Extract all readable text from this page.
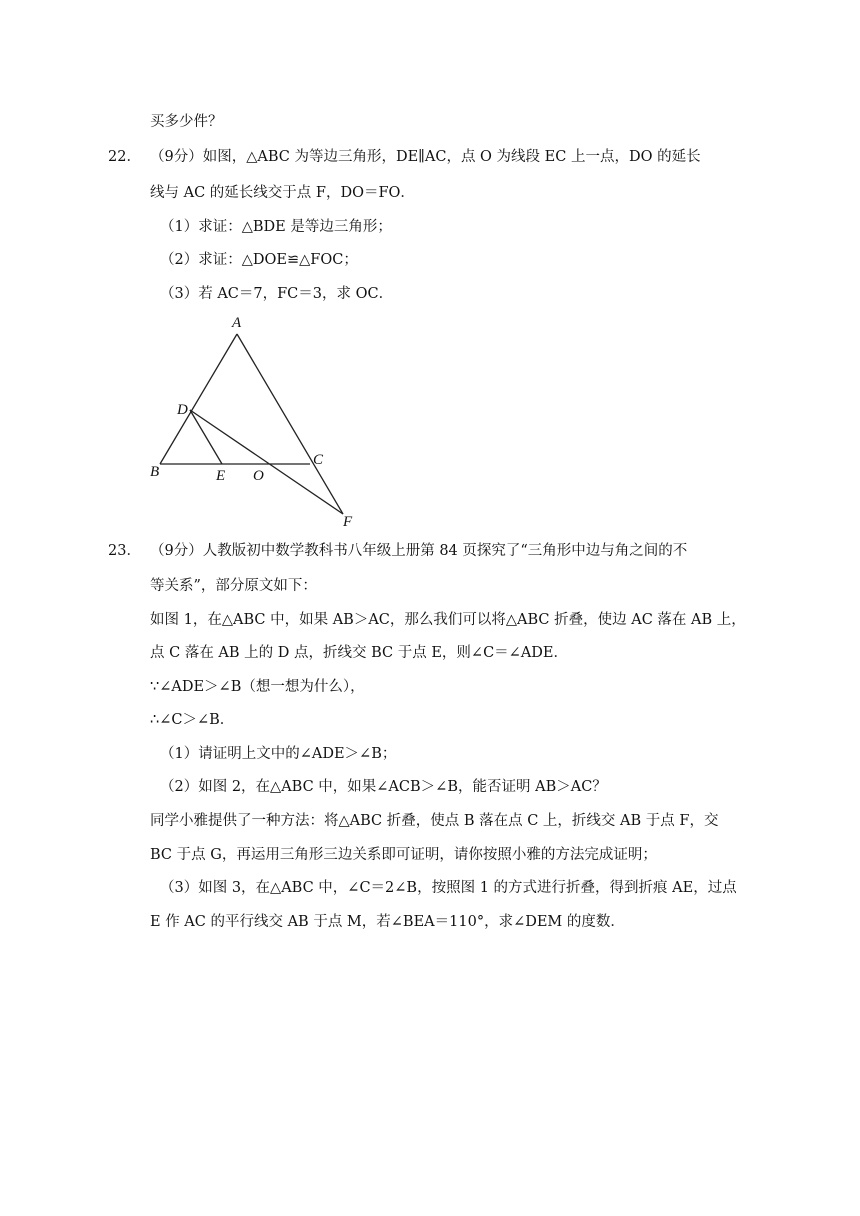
买多少件？
22． （9分）如图，△ABC 为等边三角形，DE∥AC，点 O 为线段 EC 上一点，DO 的延长
线与 AC 的延长线交于点 F，DO＝FO．
（1）求证：△BDE 是等边三角形；
（2）求证：△DOE≌△FOC；
（3）若 AC＝7，FC＝3，求 OC．
A
D
B	E O
C
F
23． （9分）人教版初中数学教科书八年级上册第 84 页探究了“三角形中边与角之间的不
等关系”，部分原文如下：
如图 1，在△ABC 中，如果 AB＞AC，那么我们可以将△ABC 折叠，使边 AC 落在 AB 上，
点 C 落在 AB 上的 D 点，折线交 BC 于点 E，则∠C＝∠ADE．
∵∠ADE＞∠B（想一想为什么），
∴∠C＞∠B．
（1）请证明上文中的∠ADE＞∠B；
（2）如图 2，在△ABC 中，如果∠ACB＞∠B，能否证明 AB＞AC？
同学小雅提供了一种方法：将△ABC 折叠，使点 B 落在点 C 上，折线交 AB 于点 F，交
BC 于点 G，再运用三角形三边关系即可证明，请你按照小雅的方法完成证明；
（3）如图 3，在△ABC 中，∠C＝2∠B，按照图 1 的方式进行折叠，得到折痕 AE，过点
E 作 AC 的平行线交 AB 于点 M，若∠BEA＝110°，求∠DEM 的度数．
